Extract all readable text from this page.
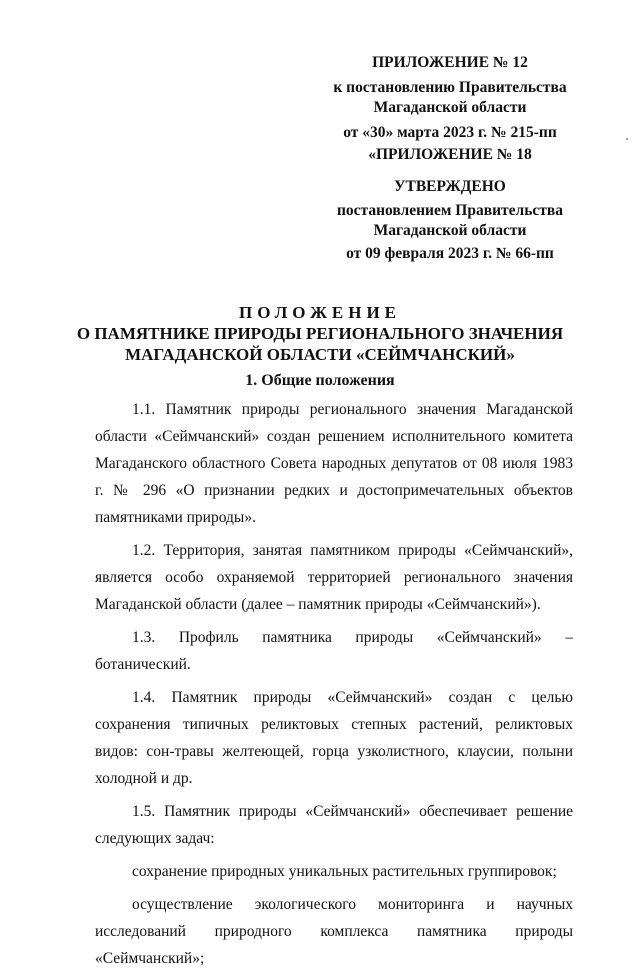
ПРИЛОЖЕНИЕ № 12
к постановлению Правительства
Магаданской области
от «30» марта 2023 г. № 215-пп
«ПРИЛОЖЕНИЕ № 18
УТВЕРЖДЕНО
постановлением Правительства
Магаданской области
от 09 февраля 2023 г. № 66-пп
ПОЛОЖЕНИЕ
О ПАМЯТНИКЕ ПРИРОДЫ РЕГИОНАЛЬНОГО ЗНАЧЕНИЯ
МАГАДАНСКОЙ ОБЛАСТИ «СЕЙМЧАНСКИЙ»
1. Общие положения

1.1. Памятник природы регионального значения Магаданской области «Сеймчанский» создан решением исполнительного комитета Магаданского областного Совета народных депутатов от 08 июля 1983 г. № 296 «О признании редких и достопримечательных объектов памятниками природы».

1.2. Территория, занятая памятником природы «Сеймчанский», является особо охраняемой территорией регионального значения Магаданской области (далее – памятник природы «Сеймчанский»).

1.3. Профиль памятника природы «Сеймчанский» – ботанический.

1.4. Памятник природы «Сеймчанский» создан с целью сохранения типичных реликтовых степных растений, реликтовых видов: сон-травы желтеющей, горца узколистного, клаусии, полыни холодной и др.

1.5. Памятник природы «Сеймчанский» обеспечивает решение следующих задач:

сохранение природных уникальных растительных группировок;

осуществление экологического мониторинга и научных исследований природного комплекса памятника природы «Сеймчанский»;
